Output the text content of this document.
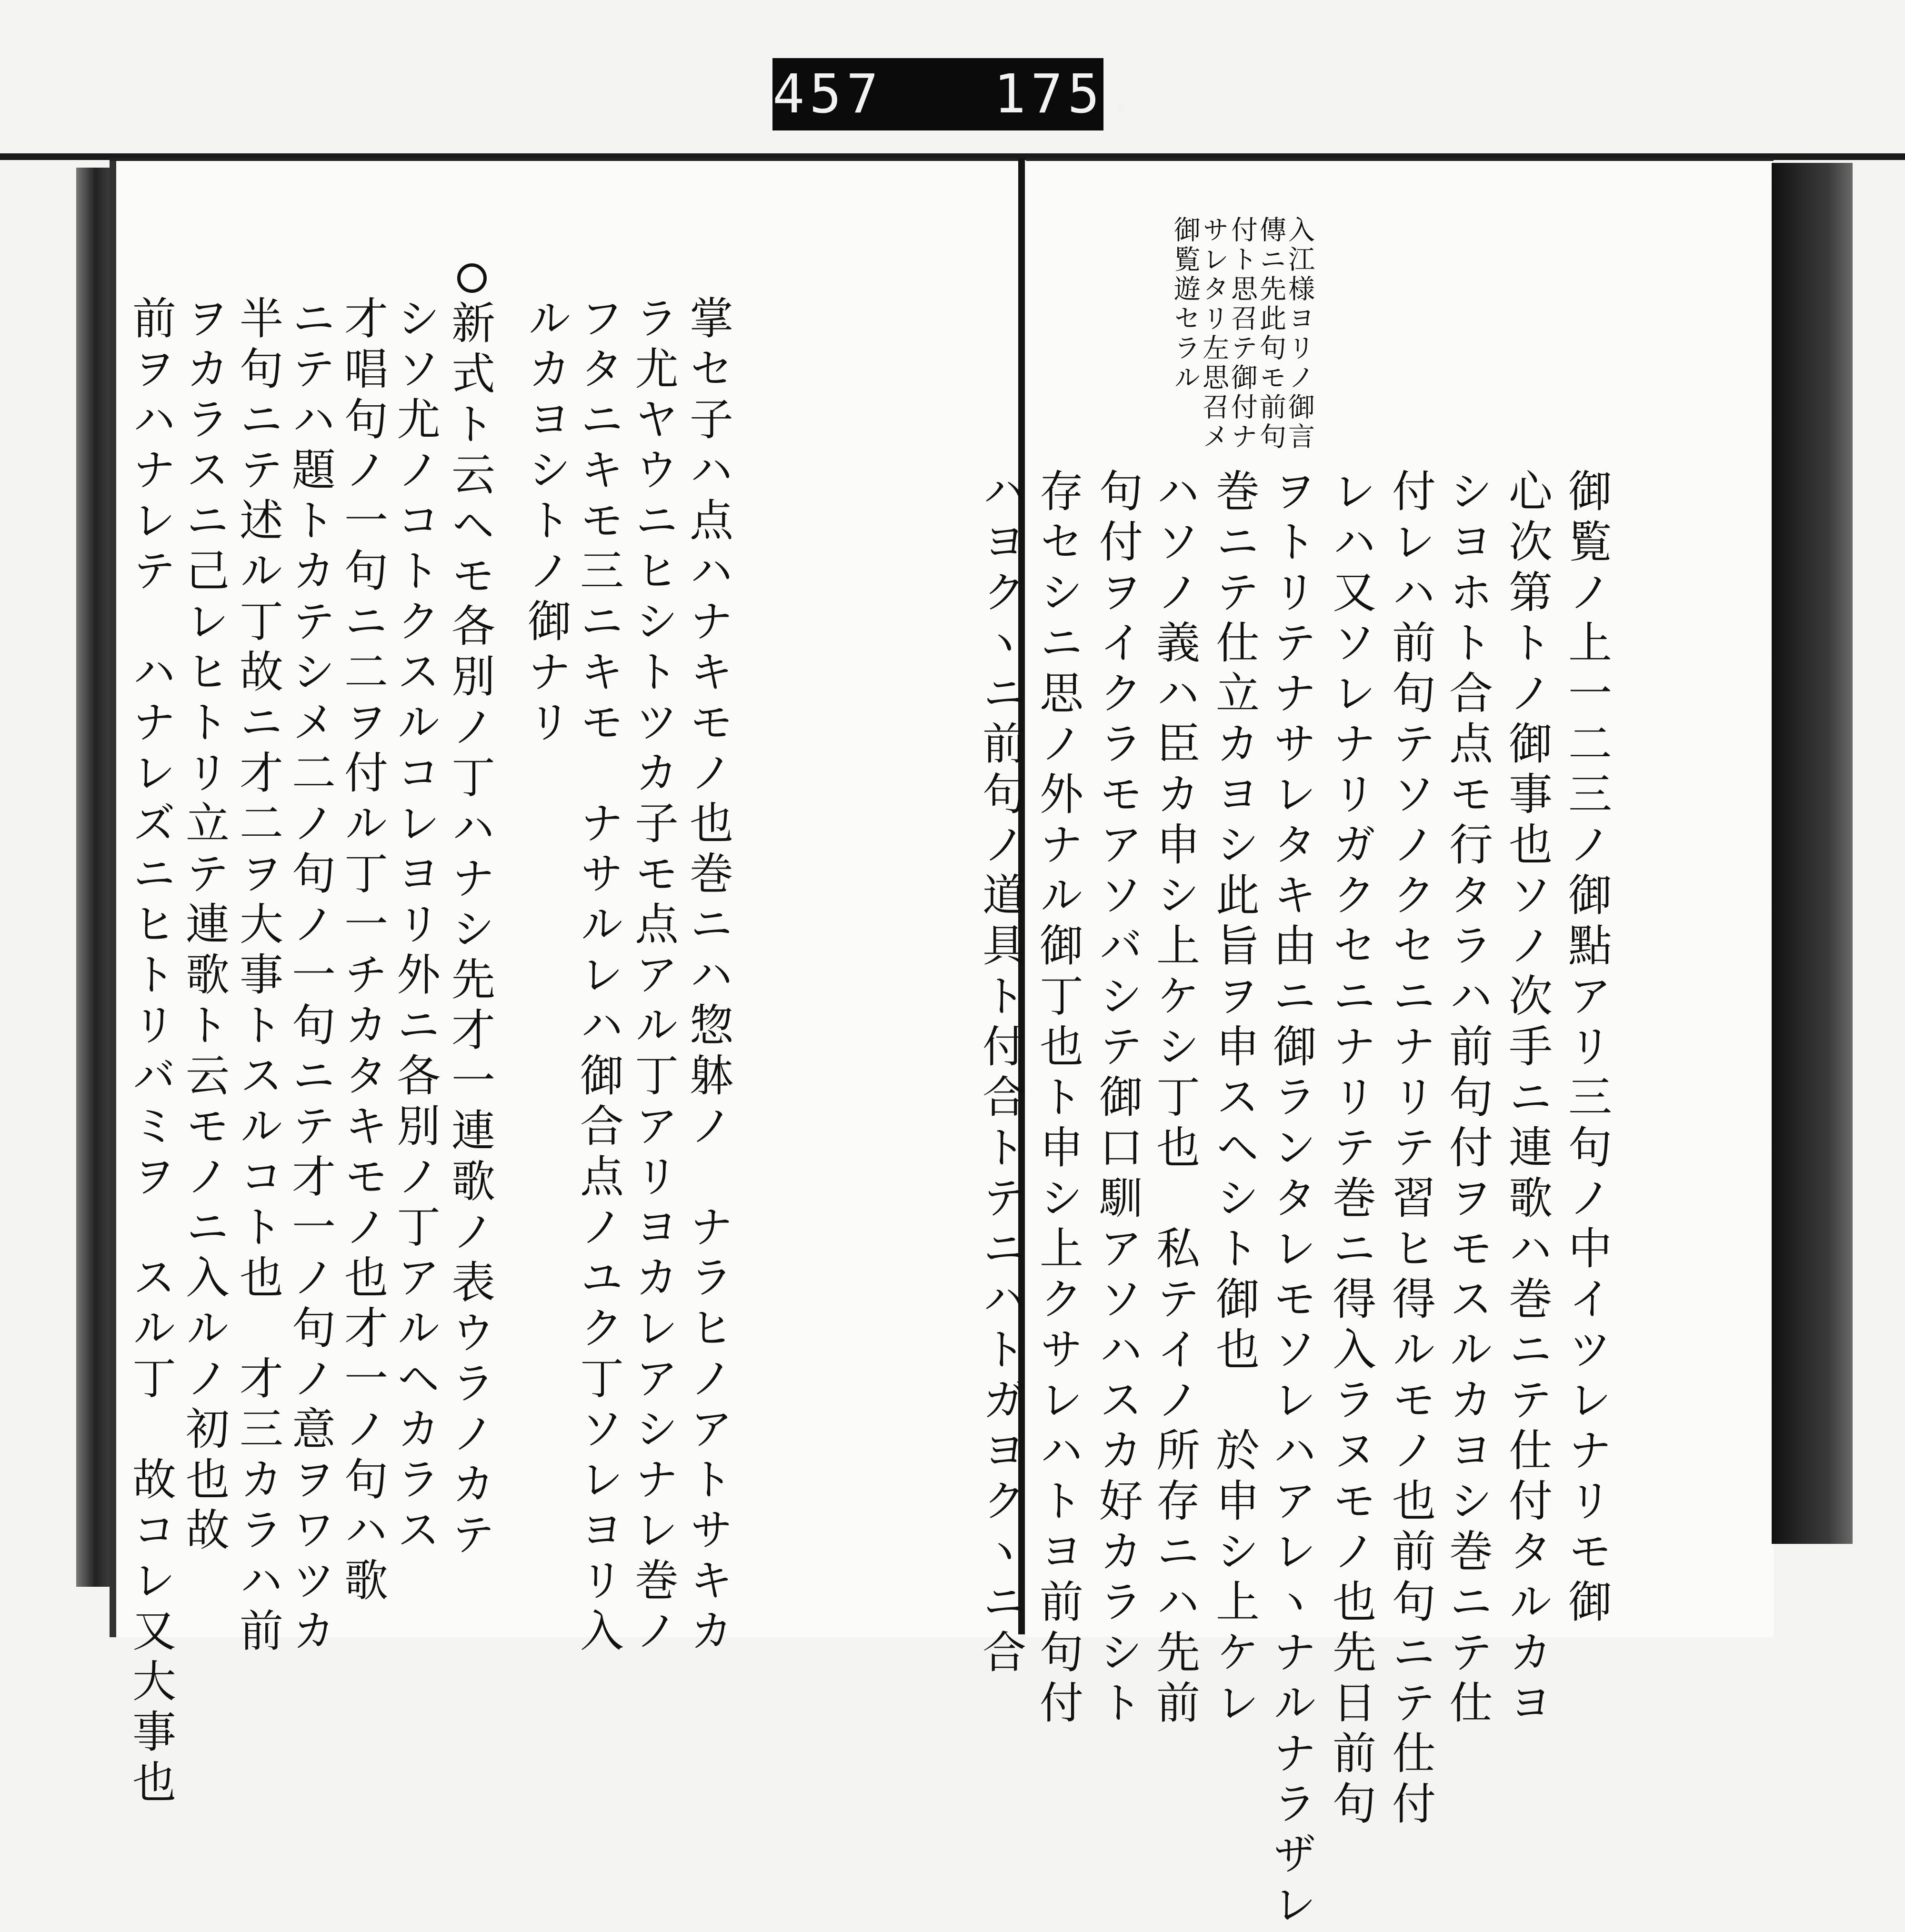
457   175.
掌セ子ハ点ハナキモノ也巻ニハ惣躰ノ　ナラヒノアトサキカ
ラ尤ヤウニヒシトツカ子モ点アル丁アリヨカレアシナレ巻ノ
フタニキモ三ニキモ　ナサルレハ御合点ノユク丁ソレヨリ入
ルカヨシトノ御ナリ
新式ト云ヘモ各別ノ丁ハナシ先才一連歌ノ表ウラノカテ
シソ尤ノコトクスルコレヨリ外ニ各別ノ丁アルヘカラス
才唱句ノ一句ニ二ヲ付ル丁一チカタキモノ也才一ノ句ハ歌
ニテハ題トカテシメ二ノ句ノ一句ニテ才一ノ句ノ意ヲワツカ
半句ニテ述ル丁故ニ才二ヲ大事トスルコト也　才三カラハ前
ヲカラスニ己レヒトリ立テ連歌ト云モノニ入ルノ初也故
前ヲハナレテ　ハナレズニヒトリバミヲ　スル丁　故コレ又大事也	入江様ヨリノ御言
傳ニ先此句モ前句
付ト思召テ御付ナ
サレタリ左思召メ
御覧遊セラル
御覧ノ上一二三ノ御點アリ三句ノ中イツレナリモ御
心次第トノ御事也ソノ次手ニ連歌ハ巻ニテ仕付タルカヨ
シヨホト合点モ行タラハ前句付ヲモスルカヨシ巻ニテ仕
付レハ前句テソノクセニナリテ習ヒ得ルモノ也前句ニテ仕付
レハ又ソレナリガクセニナリテ巻ニ得入ラヌモノ也先日前句
ヲトリテナサレタキ由ニ御ランタレモソレハアレヽナルナラザレ
巻ニテ仕立カヨシ此旨ヲ申スヘシト御也　於申シ上ケレ
ハソノ義ハ臣カ申シ上ケシ丁也　私テイノ所存ニハ先前
句付ヲイクラモアソバシテ御口馴アソハスカ好カラシト
存セシニ思ノ外ナル御丁也ト申シ上クサレハトヨ前句付
ハヨクヽニ前句ノ道具ト付合トテニハトガヨクヽニ合
